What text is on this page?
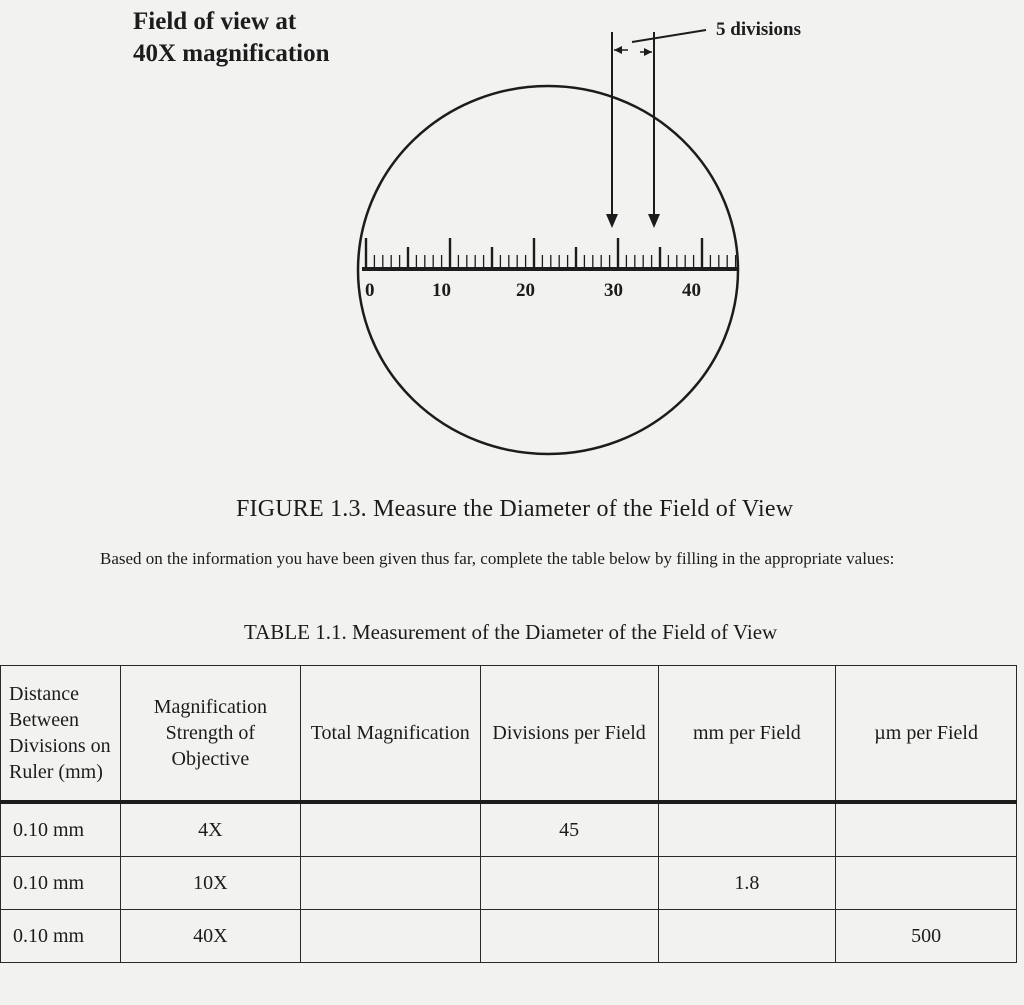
Field of view at
40X magnification
5 divisions
0	10	20	30	40
FIGURE 1.3. Measure the Diameter of the Field of View
Based on the information you have been given thus far, complete the table below by filling in the appropriate values:
TABLE 1.1. Measurement of the Diameter of the Field of View
Distance Between Divisions on Ruler (mm)	Magnification Strength of Objective	Total Magnification	Divisions per Field	mm per Field	µm per Field
0.10 mm	4X		45		
0.10 mm	10X			1.8	
0.10 mm	40X				500
